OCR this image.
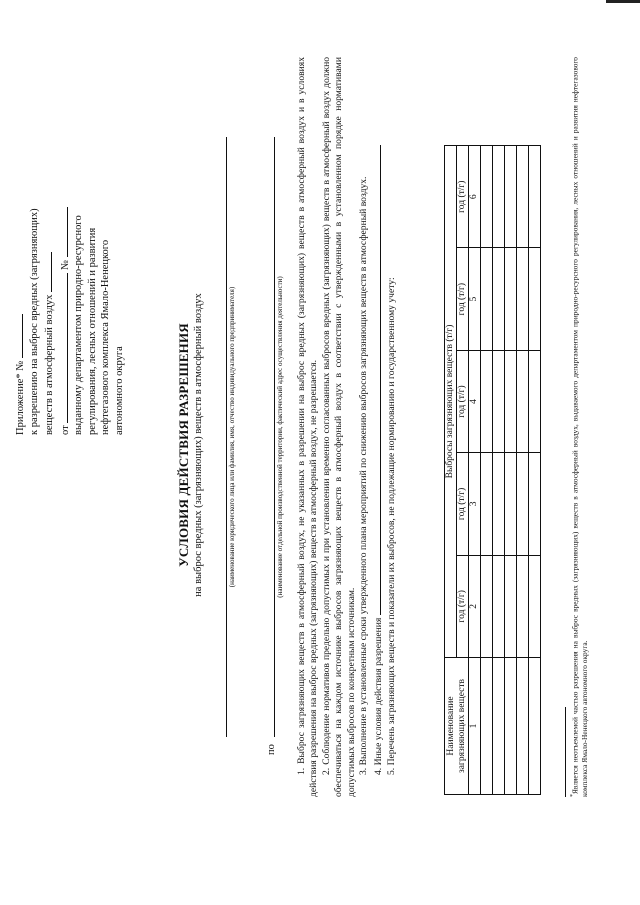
Приложение* № к разрешению на выброс вредных (загрязняющих) веществ в атмосферный воздух от  № выданному департаментом природно-ресурсного регулирования, лесных отношений и развития нефтегазового комплекса Ямало-Ненецкого автономного округа	УСЛОВИЯ ДЕЙСТВИЯ РАЗРЕШЕНИЯ на выброс вредных (загрязняющих) веществ в атмосферный воздух	(наименование юридического лица или фамилия, имя, отчество индивидуального предпринимателя)
по
(наименование отдельной производственной территории, фактический адрес осуществления деятельности) 1. Выброс загрязняющих веществ в атмосферный воздух, не указанных в разрешении на выброс вредных (загрязняющих) веществ в атмосферный воздух и в условиях действия разрешения на выброс вредных (загрязняющих) веществ в атмосферный воздух, не разрешается. 2. Соблюдение нормативов предельно допустимых и при установлении временно согласованных выбросов вредных (загрязняющих) веществ в атмосферный воздух должно обеспечиваться на каждом источнике выбросов загрязняющих веществ в атмосферный воздух в соответствии с утвержденными в установленном порядке нормативами допустимых выбросов по конкретным источникам. 3. Выполнение в установленные сроки утвержденного плана мероприятий по снижению выбросов загрязняющих веществ в атмосферный воздух. 4. Иные условия действия разрешения 5. Перечень загрязняющих веществ и показатели их выбросов, не подлежащие нормированию и государственному учету:	Наименование загрязняющих веществ	Выбросы загрязняющих веществ (т/г)				
	год (т/г)	год (т/г)	год (т/г)	год (т/г)	год (т/г)
1	2	3	4	5	6

*Является неотъемлемой частью разрешения на выброс вредных (загрязняющих) веществ в атмосферный воздух, выдаваемого департаментом природно-ресурсного регулирования, лесных отношений и развития нефтегазового комплекса Ямало-Ненецкого автономного округа.
